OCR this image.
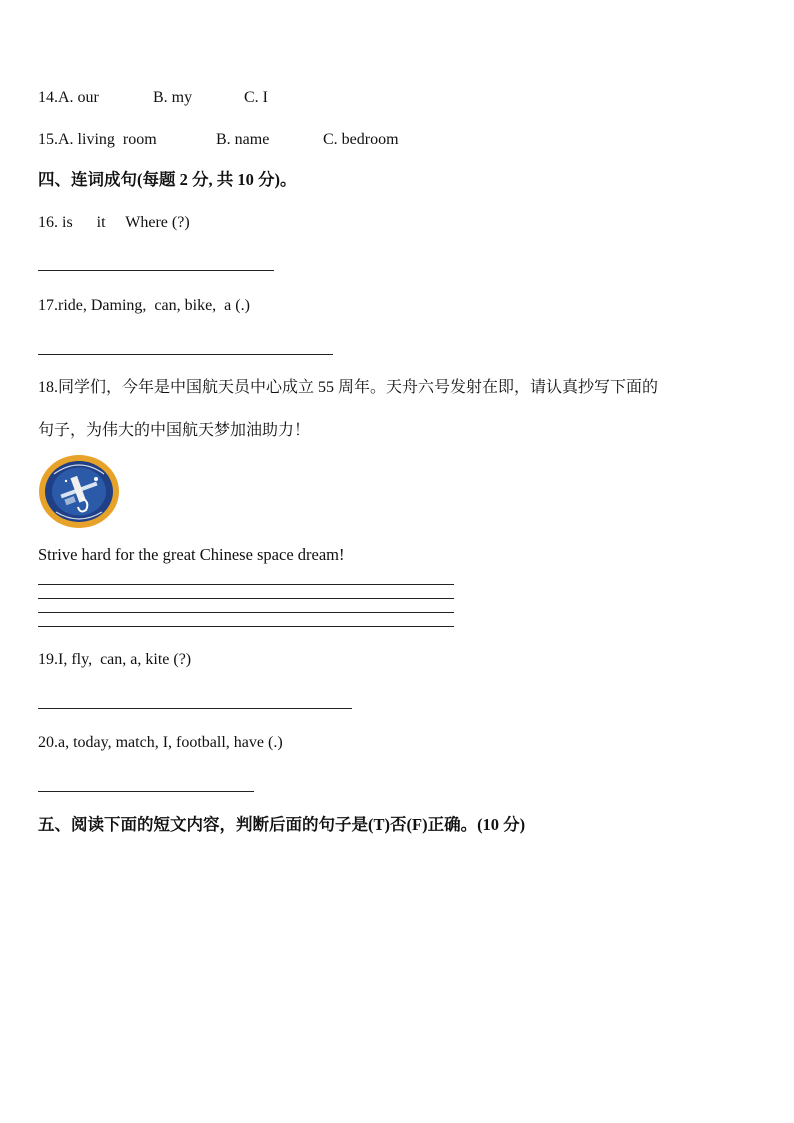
14.A. our	B. my	C. I
15.A. living  room	B. name	C. bedroom
四、连词成句(每题 2 分, 共 10 分)。
16. is      it     Where (?)
17.ride, Daming,  can, bike,  a (.)
18.同学们，今年是中国航天员中心成立 55 周年。天舟六号发射在即，请认真抄写下面的
句子，为伟大的中国航天梦加油助力！
Strive hard for the great Chinese space dream!
19.I, fly,  can, a, kite (?)
20.a, today, match, I, football, have (.)
五、阅读下面的短文内容，判断后面的句子是(T)否(F)正确。(10 分)
